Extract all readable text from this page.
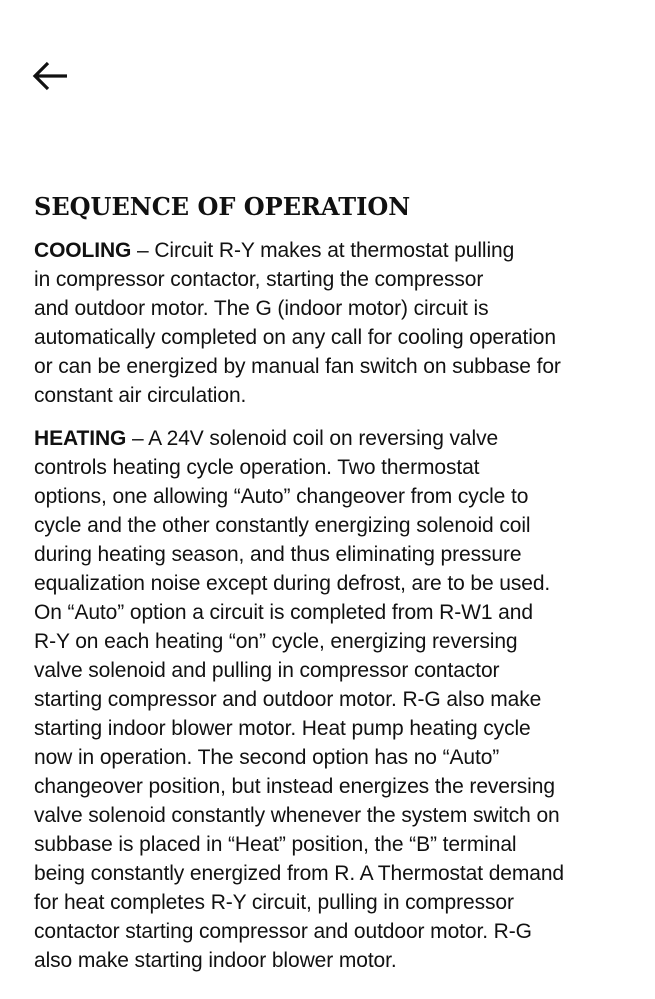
SEQUENCE OF OPERATION

COOLING – Circuit R-Y makes at thermostat pulling
in compressor contactor, starting the compressor
and outdoor motor. The G (indoor motor) circuit is
automatically completed on any call for cooling operation
or can be energized by manual fan switch on subbase for
constant air circulation.

HEATING – A 24V solenoid coil on reversing valve
controls heating cycle operation. Two thermostat
options, one allowing “Auto” changeover from cycle to
cycle and the other constantly energizing solenoid coil
during heating season, and thus eliminating pressure
equalization noise except during defrost, are to be used.
On “Auto” option a circuit is completed from R-W1 and
R-Y on each heating “on” cycle, energizing reversing
valve solenoid and pulling in compressor contactor
starting compressor and outdoor motor. R-G also make
starting indoor blower motor. Heat pump heating cycle
now in operation. The second option has no “Auto”
changeover position, but instead energizes the reversing
valve solenoid constantly whenever the system switch on
subbase is placed in “Heat” position, the “B” terminal
being constantly energized from R. A Thermostat demand
for heat completes R-Y circuit, pulling in compressor
contactor starting compressor and outdoor motor. R-G
also make starting indoor blower motor.
